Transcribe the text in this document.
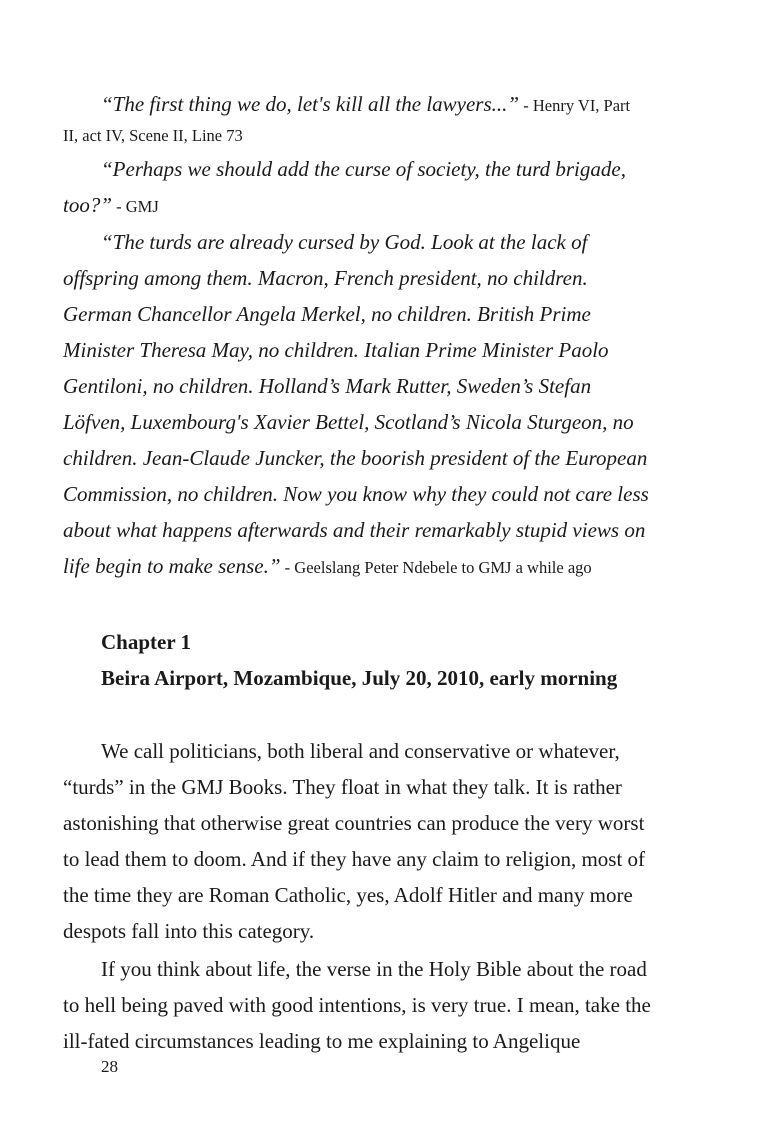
“The first thing we do, let's kill all the lawyers...” - Henry VI, Part
II, act IV, Scene II, Line 73
“Perhaps we should add the curse of society, the turd brigade,
too?” - GMJ
“The turds are already cursed by God. Look at the lack of
offspring among them. Macron, French president, no children.
German Chancellor Angela Merkel, no children. British Prime
Minister Theresa May, no children. Italian Prime Minister Paolo
Gentiloni, no children. Holland’s Mark Rutter, Sweden’s Stefan
Löfven, Luxembourg's Xavier Bettel, Scotland’s Nicola Sturgeon, no
children. Jean-Claude Juncker, the boorish president of the European
Commission, no children. Now you know why they could not care less
about what happens afterwards and their remarkably stupid views on
life begin to make sense.” - Geelslang Peter Ndebele to GMJ a while ago
Chapter 1
Beira Airport, Mozambique, July 20, 2010, early morning
We call politicians, both liberal and conservative or whatever,
“turds” in the GMJ Books. They float in what they talk. It is rather
astonishing that otherwise great countries can produce the very worst
to lead them to doom. And if they have any claim to religion, most of
the time they are Roman Catholic, yes, Adolf Hitler and many more
despots fall into this category.
If you think about life, the verse in the Holy Bible about the road
to hell being paved with good intentions, is very true. I mean, take the
ill-fated circumstances leading to me explaining to Angelique
28
